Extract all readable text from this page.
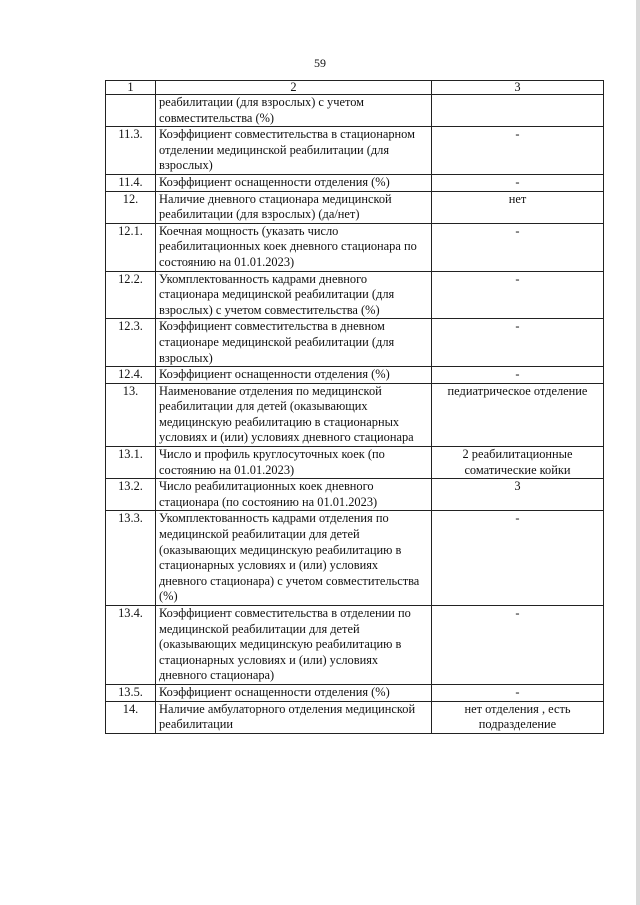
59
1	2	3
	реабилитации (для взрослых) с учетом совместительства (%)	
11.3.	Коэффициент совместительства в стационарном отделении медицинской реабилитации (для взрослых)	-
11.4.	Коэффициент оснащенности отделения (%)	-
12.	Наличие дневного стационара медицинской реабилитации (для взрослых) (да/нет)	нет
12.1.	Коечная мощность (указать число реабилитационных коек дневного стационара по состоянию на 01.01.2023)	-
12.2.	Укомплектованность кадрами дневного стационара медицинской реабилитации (для взрослых) с учетом совместительства (%)	-
12.3.	Коэффициент совместительства в дневном стационаре медицинской реабилитации (для взрослых)	-
12.4.	Коэффициент оснащенности отделения (%)	-
13.	Наименование отделения по медицинской реабилитации для детей (оказывающих медицинскую реабилитацию в стационарных условиях и (или) условиях дневного стационара	педиатрическое отделение
13.1.	Число и профиль круглосуточных коек (по состоянию на 01.01.2023)	2 реабилитационные соматические койки
13.2.	Число реабилитационных коек дневного стационара (по состоянию на 01.01.2023)	3
13.3.	Укомплектованность кадрами отделения по медицинской реабилитации для детей (оказывающих медицинскую реабилитацию в стационарных условиях и (или) условиях дневного стационара) с учетом совместительства (%)	-
13.4.	Коэффициент совместительства в отделении по медицинской реабилитации для детей (оказывающих медицинскую реабилитацию в стационарных условиях и (или) условиях дневного стационара)	-
13.5.	Коэффициент оснащенности отделения (%)	-
14.	Наличие амбулаторного отделения медицинской реабилитации	нет отделения , есть подразделение
